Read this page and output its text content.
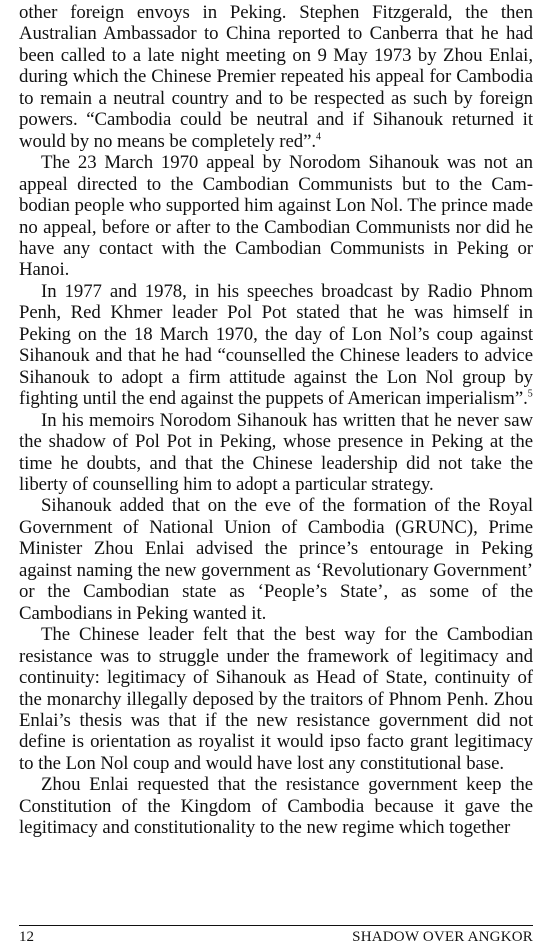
other foreign envoys in Peking. Stephen Fitzgerald, the then Australian Ambassador to China reported to Canberra that he had been called to a late night meeting on 9 May 1973 by Zhou Enlai, during which the Chinese Premier repeated his appeal for Cambodia to remain a neutral country and to be respected as such by foreign powers. “Cambodia could be neutral and if Sihanouk returned it would by no means be completely red”.$^4$

The 23 March 1970 appeal by Norodom Sihanouk was not an appeal directed to the Cambodian Communists but to the Cambodian people who supported him against Lon Nol. The prince made no appeal, before or after to the Cambodian Communists nor did he have any contact with the Cambodian Communists in Peking or Hanoi.

In 1977 and 1978, in his speeches broadcast by Radio Phnom Penh, Red Khmer leader Pol Pot stated that he was himself in Peking on the 18 March 1970, the day of Lon Nol’s coup against Sihanouk and that he had “counselled the Chinese leaders to advice Sihanouk to adopt a firm attitude against the Lon Nol group by fighting until the end against the puppets of American imperialism”.$^5$

In his memoirs Norodom Sihanouk has written that he never saw the shadow of Pol Pot in Peking, whose presence in Peking at the time he doubts, and that the Chinese leadership did not take the liberty of counselling him to adopt a particular strategy.

Sihanouk added that on the eve of the formation of the Royal Government of National Union of Cambodia (GRUNC), Prime Minister Zhou Enlai advised the prince’s entourage in Peking against naming the new government as ‘Revolutionary Government’ or the Cambodian state as ‘People’s State’, as some of the Cambodians in Peking wanted it.

The Chinese leader felt that the best way for the Cambodian resistance was to struggle under the framework of legitimacy and continuity: legitimacy of Sihanouk as Head of State, continuity of the monarchy illegally deposed by the traitors of Phnom Penh. Zhou Enlai’s thesis was that if the new resistance government did not define is orientation as royalist it would ipso facto grant legitimacy to the Lon Nol coup and would have lost any constitutional base.

Zhou Enlai requested that the resistance government keep the Constitution of the Kingdom of Cambodia because it gave the legitimacy and constitutionality to the new regime which together

12	SHADOW OVER ANGKOR
